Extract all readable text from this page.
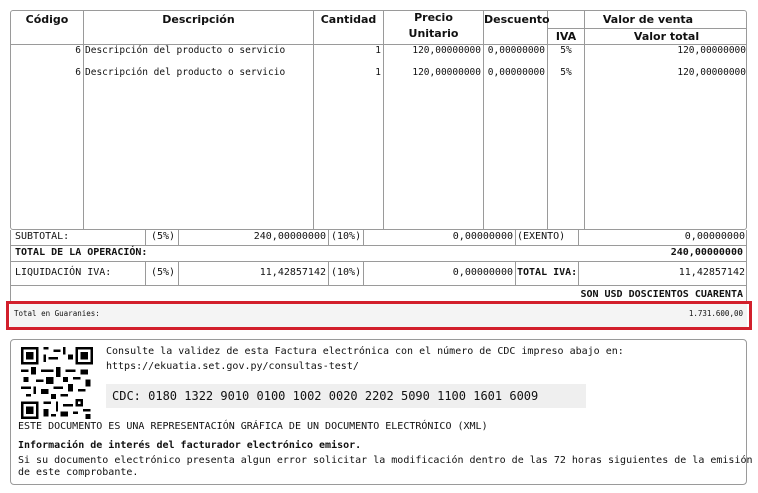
Código	Descripción	Cantidad	Precio
Unitario
Descuento	Valor de venta
IVA	Valor total
6 Descripción del producto o servicio	1	120,00000000 0,00000000	5%	120,00000000
6 Descripción del producto o servicio	1	120,00000000 0,00000000	5%	120,00000000
SUBTOTAL:	(5%)	240,00000000 (10%)	0,00000000 (EXENTO)	0,00000000
TOTAL DE LA OPERACIÓN:	240,00000000
LIQUIDACIÓN IVA:	(5%)	11,42857142 (10%)	0,00000000 TOTAL IVA:	11,42857142
SON USD DOSCIENTOS CUARENTA
Total en Guaranies:	1.731.600,00
Consulte la validez de esta Factura electrónica con el número de CDC impreso abajo en:
https://ekuatia.set.gov.py/consultas-test/
CDC: 0180 1322 9010 0100 1002 0020 2202 5090 1100 1601 6009
ESTE DOCUMENTO ES UNA REPRESENTACIÓN GRÁFICA DE UN DOCUMENTO ELECTRÓNICO (XML)
Información de interés del facturador electrónico emisor.
Si su documento electrónico presenta algun error solicitar la modificación dentro de las 72 horas siguientes de la emisión
de este comprobante.
